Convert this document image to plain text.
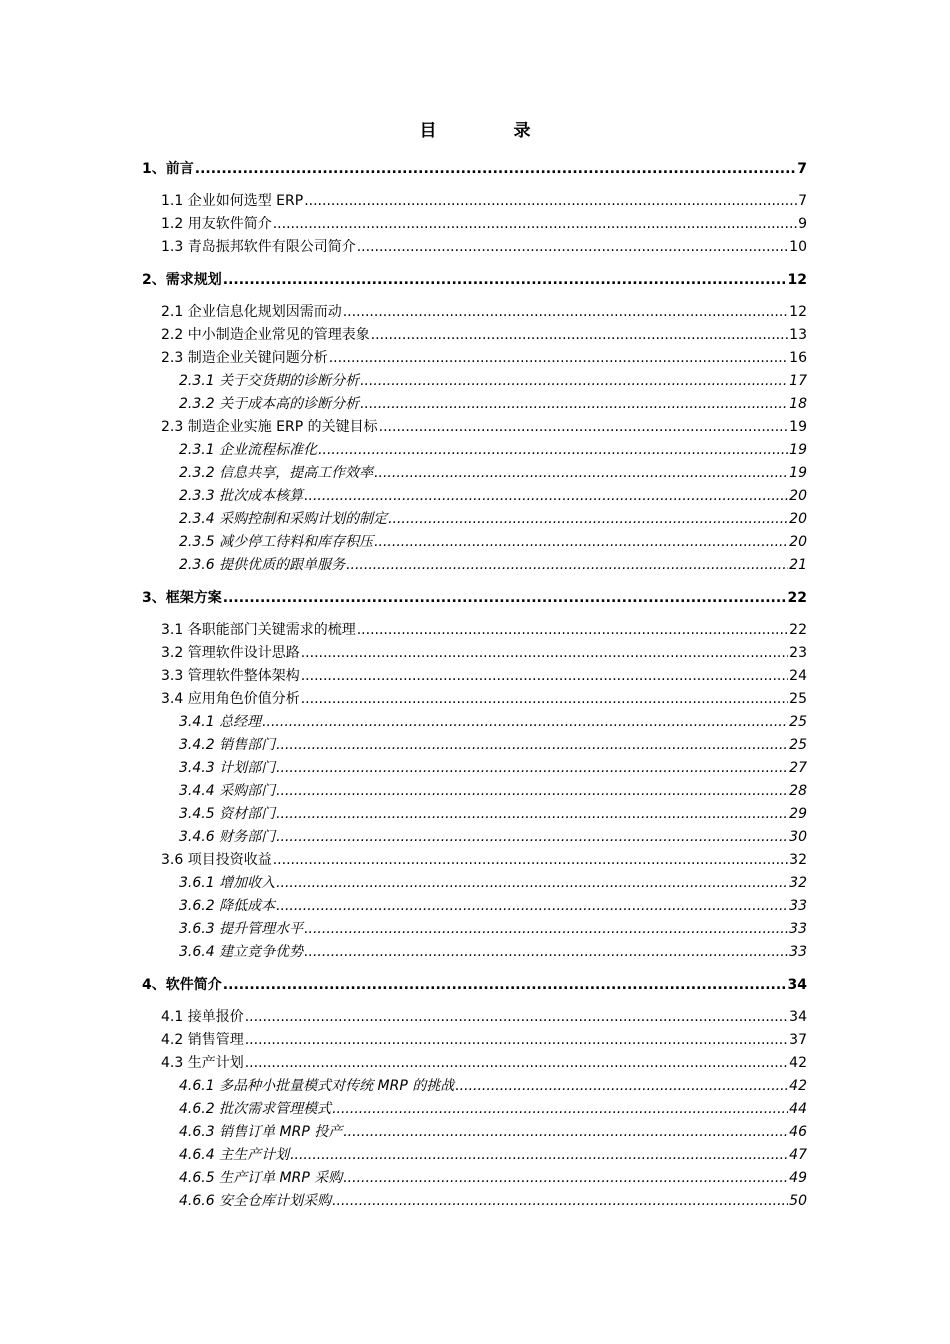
目　录
1、前言 .....	7
1.1 企业如何选型 ERP .....	7
1.2 用友软件简介 .....	9
1.3 青岛振邦软件有限公司简介 .....	10
2、需求规划 .....	12
2.1 企业信息化规划因需而动 .....	12
2.2 中小制造企业常见的管理表象 .....	13
2.3 制造企业关键问题分析 .....	16
2.3.1 关于交货期的诊断分析 .....	17
2.3.2 关于成本高的诊断分析 .....	18
2.3 制造企业实施 ERP 的关键目标 .....	19
2.3.1 企业流程标准化 .....	19
2.3.2 信息共享，提高工作效率 .....	19
2.3.3 批次成本核算 .....	20
2.3.4 采购控制和采购计划的制定 .....	20
2.3.5 减少停工待料和库存积压 .....	20
2.3.6 提供优质的跟单服务 .....	21
3、框架方案 .....	22
3.1 各职能部门关键需求的梳理 .....	22
3.2 管理软件设计思路 .....	23
3.3 管理软件整体架构 .....	24
3.4 应用角色价值分析 .....	25
3.4.1 总经理 .....	25
3.4.2 销售部门 .....	25
3.4.3 计划部门 .....	27
3.4.4 采购部门 .....	28
3.4.5 资材部门 .....	29
3.4.6 财务部门 .....	30
3.6 项目投资收益 .....	32
3.6.1 增加收入 .....	32
3.6.2 降低成本 .....	33
3.6.3 提升管理水平 .....	33
3.6.4 建立竞争优势 .....	33
4、软件简介 .....	34
4.1 接单报价 .....	34
4.2 销售管理 .....	37
4.3 生产计划 .....	42
4.6.1 多品种小批量模式对传统 MRP 的挑战 .....	42
4.6.2 批次需求管理模式 .....	44
4.6.3 销售订单 MRP 投产 .....	46
4.6.4 主生产计划 .....	47
4.6.5 生产订单 MRP 采购 .....	49
4.6.6 安全仓库计划采购 .....	50
